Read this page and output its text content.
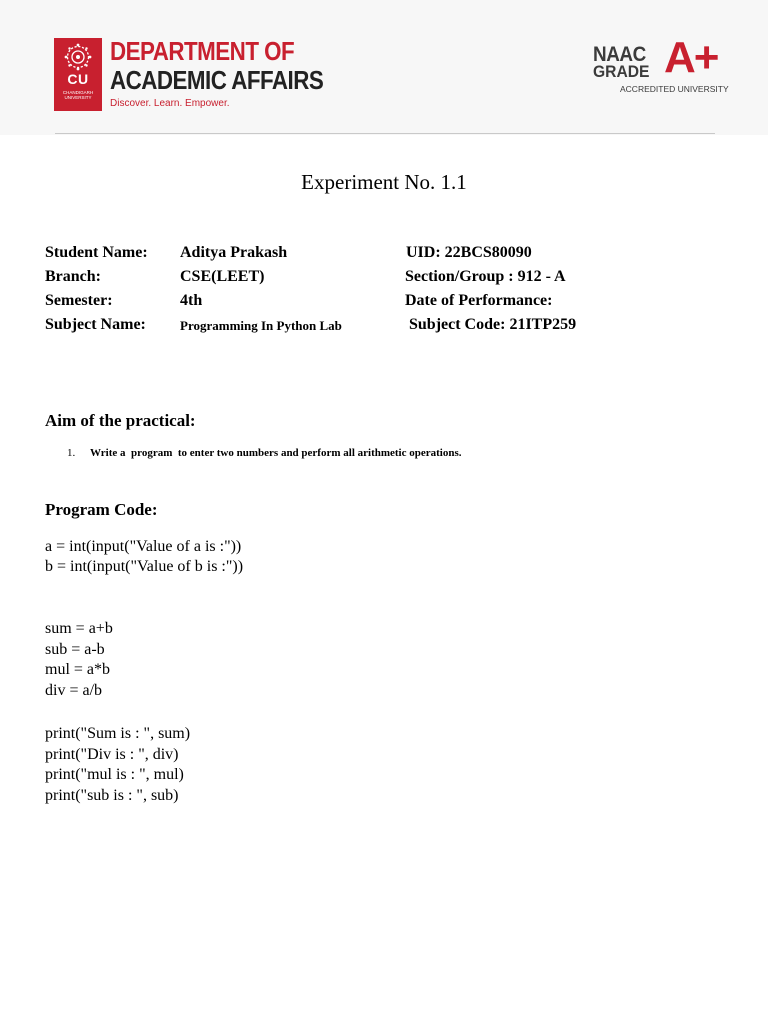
CU
CHANDIGARH
UNIVERSITY
DEPARTMENT OF
ACADEMIC AFFAIRS
Discover. Learn. Empower.
NAAC
GRADE A+
ACCREDITED UNIVERSITY
Experiment No. 1.1
Student Name: Aditya Prakash	UID: 22BCS80090
Branch:	CSE(LEET)	Section/Group : 912 - A
Semester:	4th	Date of Performance:
Subject Name:	Programming In Python Lab	Subject Code: 21ITP259
Aim of the practical:
1. Write a  program  to enter two numbers and perform all arithmetic operations.
Program Code:
a = int(input("Value of a is :"))
b = int(input("Value of b is :"))
sum = a+b
sub = a-b
mul = a*b
div = a/b
print("Sum is : ", sum)
print("Div is : ", div)
print("mul is : ", mul)
print("sub is : ", sub)
